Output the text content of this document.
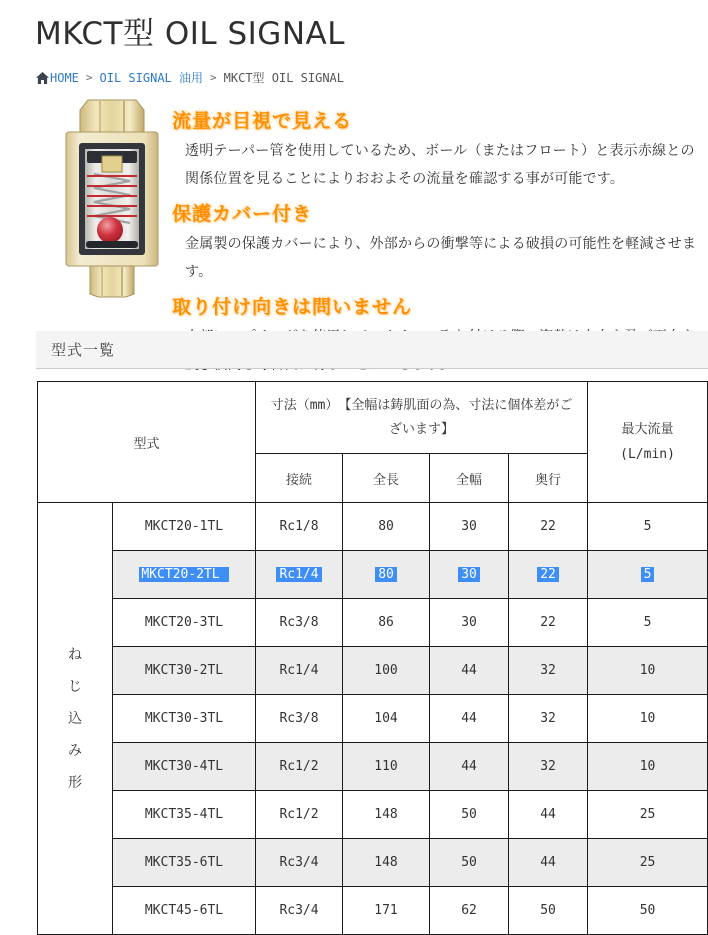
MKCT型 OIL SIGNAL
HOME > OIL SIGNAL 油用 > MKCT型 OIL SIGNAL
流量が目視で見える

透明テーパー管を使用しているため、ボール（またはフロート）と表示赤線との関係位置を見ることによりおおよその流量を確認する事が可能です。

保護カバー付き

金属製の保護カバーにより、外部からの衝撃等による破損の可能性を軽減させます。

取り付け向きは問いません

型式一覧
型式		寸法（mm）　【全幅は鋳肌面の為、寸法に個体差がございます】				最大流量
(L/min)

		接続	全長	全幅	奥行	

ね
じ
込
み
形	MKCT20-1TL	Rc1/8	80	30	22	5
	MKCT20-2TL	Rc1/4	80	30	22	5
	MKCT20-3TL	Rc3/8	86	30	22	5
	MKCT30-2TL	Rc1/4	100	44	32	10
	MKCT30-3TL	Rc3/8	104	44	32	10
	MKCT30-4TL	Rc1/2	110	44	32	10
	MKCT35-4TL	Rc1/2	148	50	44	25
	MKCT35-6TL	Rc3/4	148	50	44	25
	MKCT45-6TL	Rc3/4	171	62	50	50
